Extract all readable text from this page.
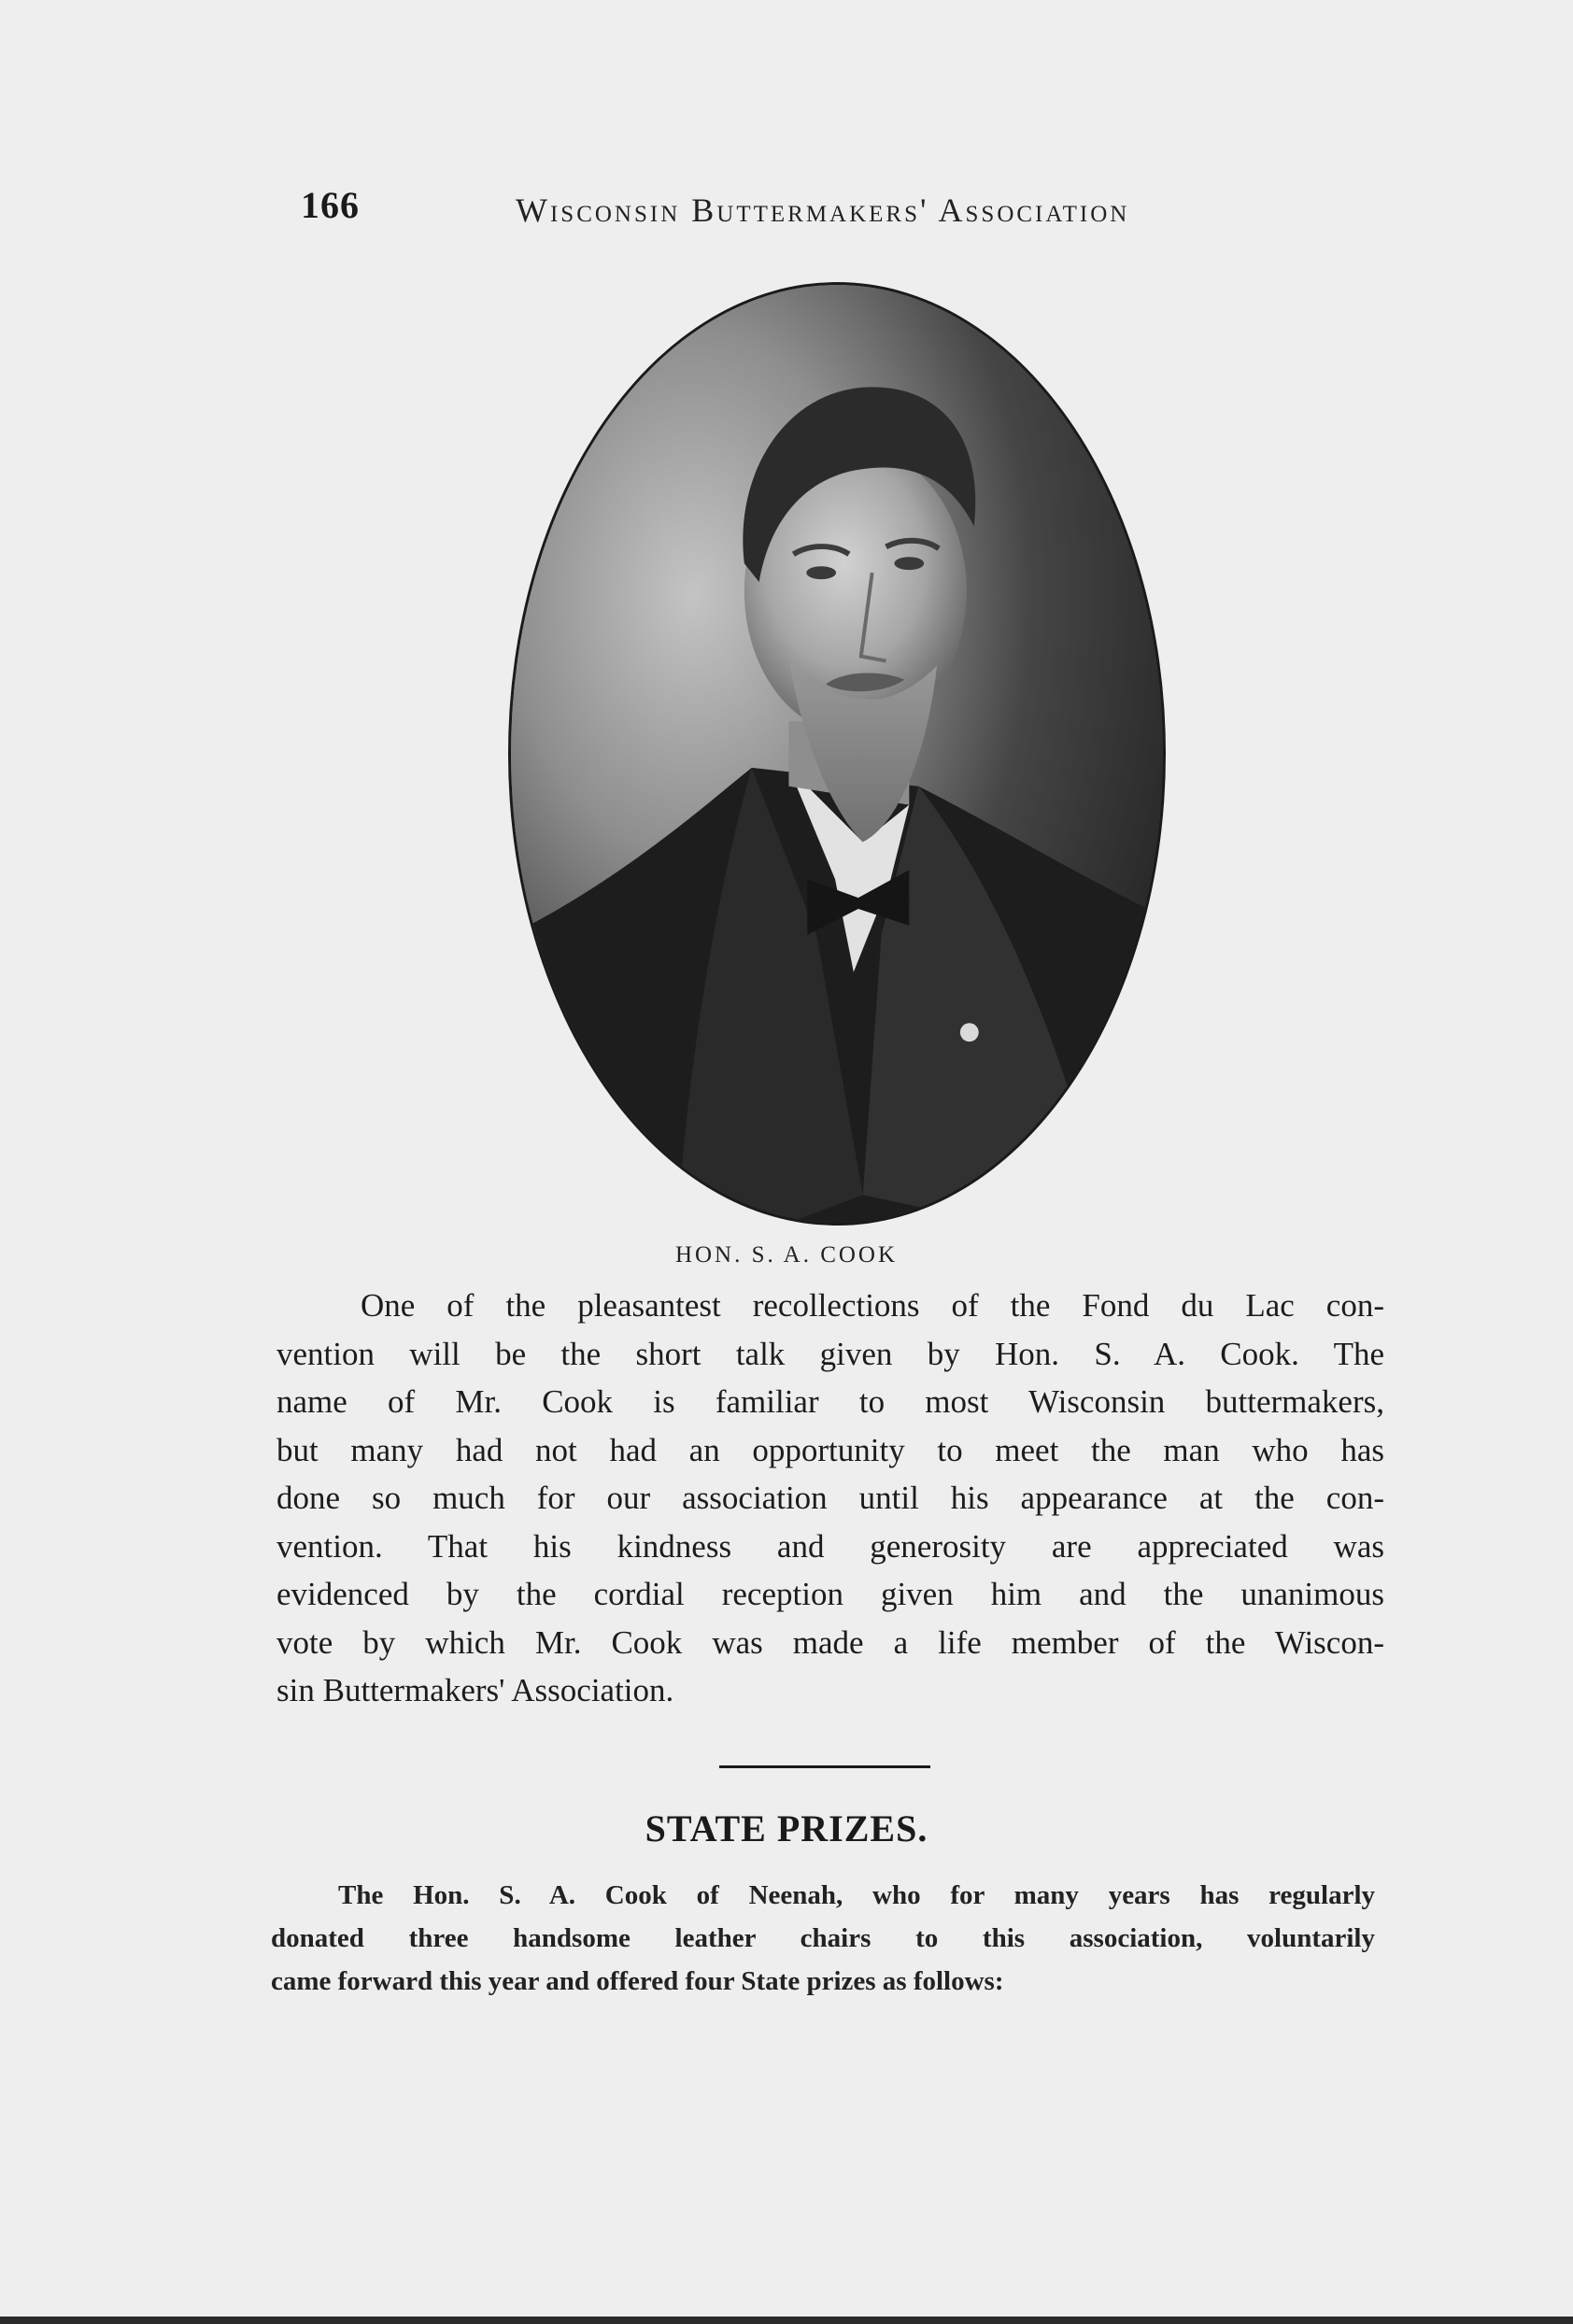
166	Wisconsin Buttermakers' Association
HON. S. A. COOK
One of the pleasantest recollections of the Fond du Lac con-
vention will be the short talk given by Hon. S. A. Cook. The
name of Mr. Cook is familiar to most Wisconsin buttermakers,
but many had not had an opportunity to meet the man who has
done so much for our association until his appearance at the con-
vention. That his kindness and generosity are appreciated was
evidenced by the cordial reception given him and the unanimous
vote by which Mr. Cook was made a life member of the Wiscon-
sin Buttermakers' Association.
STATE PRIZES.
The Hon. S. A. Cook of Neenah, who for many years has regularly
donated three handsome leather chairs to this association, voluntarily
came forward this year and offered four State prizes as follows:
